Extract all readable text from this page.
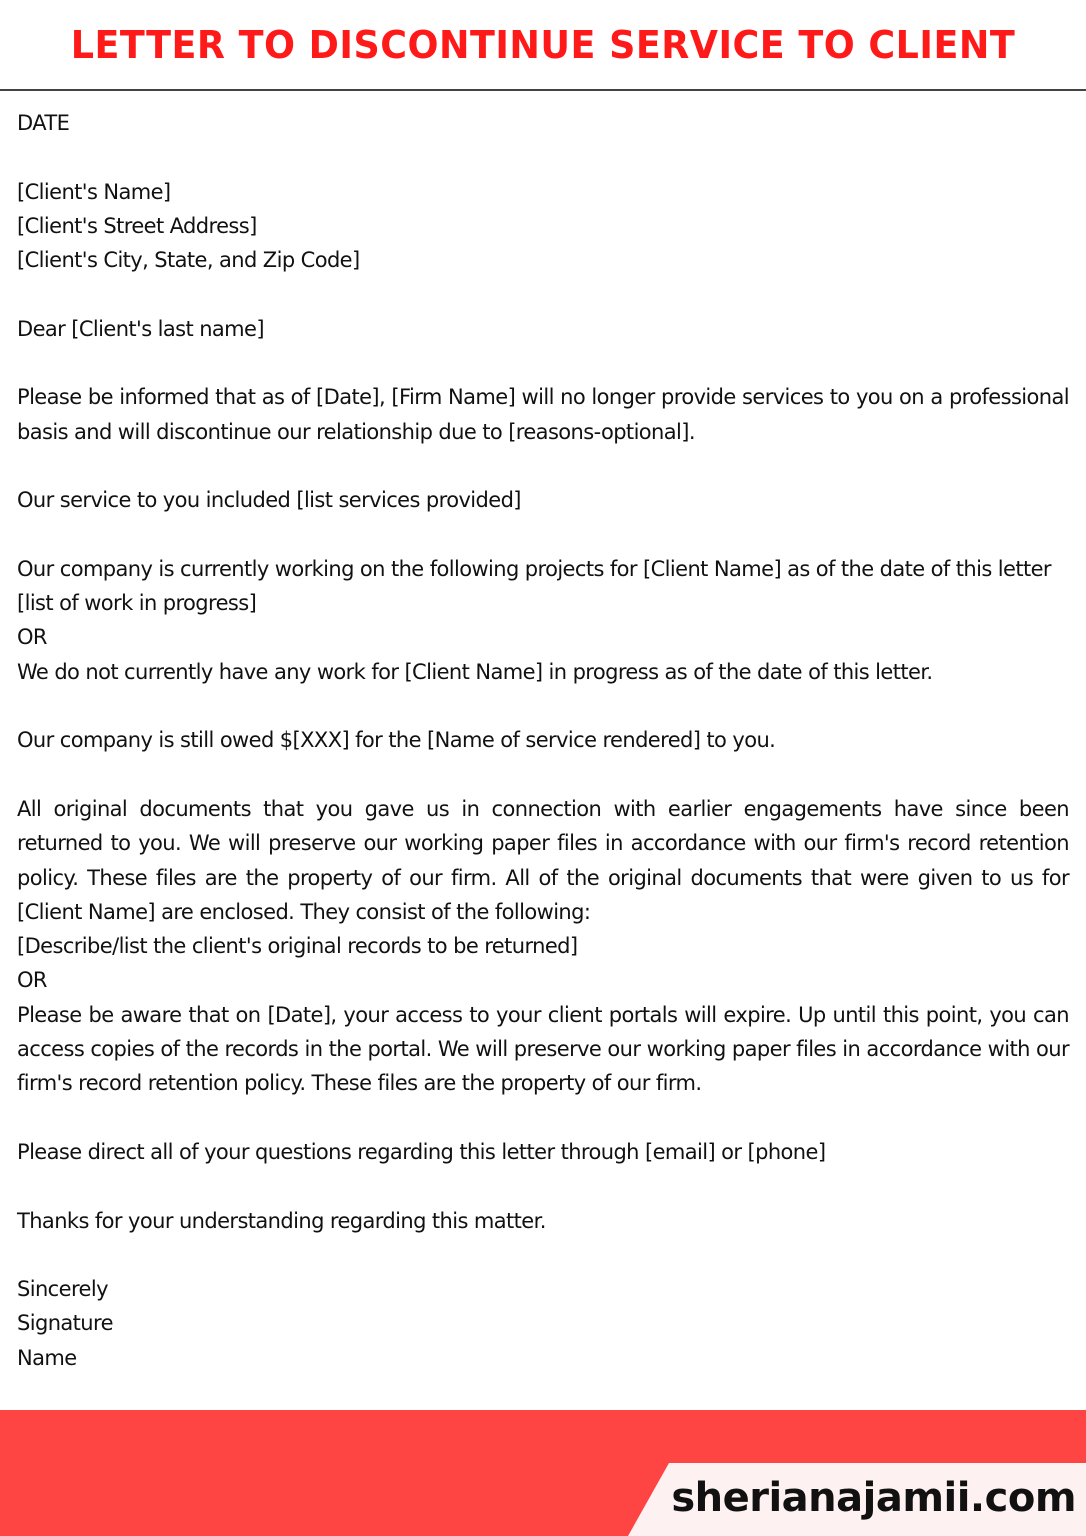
LETTER TO DISCONTINUE SERVICE TO CLIENT
DATE
[Client's Name]
[Client's Street Address]
[Client's City, State, and Zip Code]
Dear [Client's last name]
Please be informed that as of [Date], [Firm Name] will no longer provide services to you on a professional basis and will discontinue our relationship due to [reasons-optional].
Our service to you included [list services provided]
Our company is currently working on the following projects for [Client Name] as of the date of this letter
[list of work in progress]
OR
We do not currently have any work for [Client Name] in progress as of the date of this letter.
Our company is still owed $[XXX] for the [Name of service rendered] to you.
All original documents that you gave us in connection with earlier engagements have since been returned to you. We will preserve our working paper files in accordance with our firm's record retention policy. These files are the property of our firm. All of the original documents that were given to us for [Client Name] are enclosed. They consist of the following:
[Describe/list the client's original records to be returned]
OR
Please be aware that on [Date], your access to your client portals will expire. Up until this point, you can access copies of the records in the portal. We will preserve our working paper files in accordance with our firm's record retention policy. These files are the property of our firm.
Please direct all of your questions regarding this letter through [email] or [phone]
Thanks for your understanding regarding this matter.
Sincerely
Signature
Name
sherianajamii.com
